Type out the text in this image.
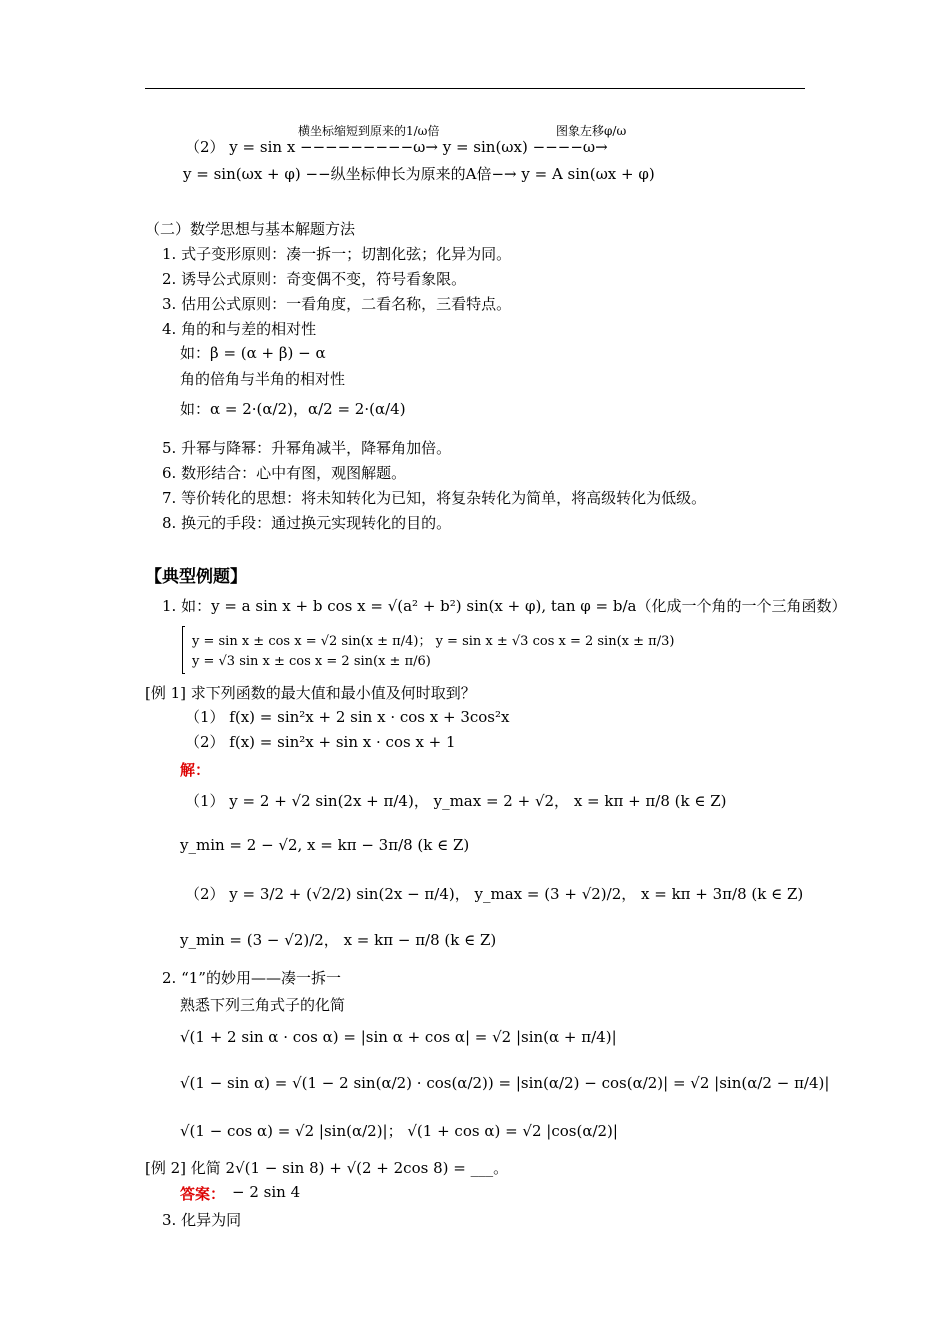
横坐标缩短到原来的1/ω倍	图象左移φ/ω
（2） y = sin x −−−−−−−−−ω→ y = sin(ωx) −−−−ω→
y = sin(ωx + φ) −−纵坐标伸长为原来的A倍−→ y = A sin(ωx + φ)
（二）数学思想与基本解题方法
1. 式子变形原则：凑一拆一；切割化弦；化异为同。
2. 诱导公式原则：奇变偶不变，符号看象限。
3. 估用公式原则：一看角度，二看名称，三看特点。
4. 角的和与差的相对性
如：β = (α + β) − α
角的倍角与半角的相对性
如：α = 2·(α/2)，α/2 = 2·(α/4)
5. 升幂与降幂：升幂角减半，降幂角加倍。
6. 数形结合：心中有图，观图解题。
7. 等价转化的思想：将未知转化为已知，将复杂转化为简单，将高级转化为低级。
8. 换元的手段：通过换元实现转化的目的。
【典型例题】
1. 如：y = a sin x + b cos x = √(a² + b²) sin(x + φ), tan φ = b/a（化成一个角的一个三角函数）
y = sin x ± cos x = √2 sin(x ± π/4)； y = sin x ± √3 cos x = 2 sin(x ± π/3)
y = √3 sin x ± cos x = 2 sin(x ± π/6)
[例 1] 求下列函数的最大值和最小值及何时取到？
（1） f(x) = sin²x + 2 sin x · cos x + 3cos²x
（2） f(x) = sin²x + sin x · cos x + 1
解：
（1） y = 2 + √2 sin(2x + π/4)， y_max = 2 + √2， x = kπ + π/8 (k ∈ Z)
y_min = 2 − √2, x = kπ − 3π/8 (k ∈ Z)
（2） y = 3/2 + (√2/2) sin(2x − π/4)， y_max = (3 + √2)/2， x = kπ + 3π/8 (k ∈ Z)
y_min = (3 − √2)/2， x = kπ − π/8 (k ∈ Z)
2. “1”的妙用——凑一拆一
熟悉下列三角式子的化简
√(1 + 2 sin α · cos α) = |sin α + cos α| = √2 |sin(α + π/4)|
√(1 − sin α) = √(1 − 2 sin(α/2) · cos(α/2)) = |sin(α/2) − cos(α/2)| = √2 |sin(α/2 − π/4)|
√(1 − cos α) = √2 |sin(α/2)|； √(1 + cos α) = √2 |cos(α/2)|
[例 2] 化简 2√(1 − sin 8) + √(2 + 2cos 8) = ___。
答案： − 2 sin 4
3. 化异为同
